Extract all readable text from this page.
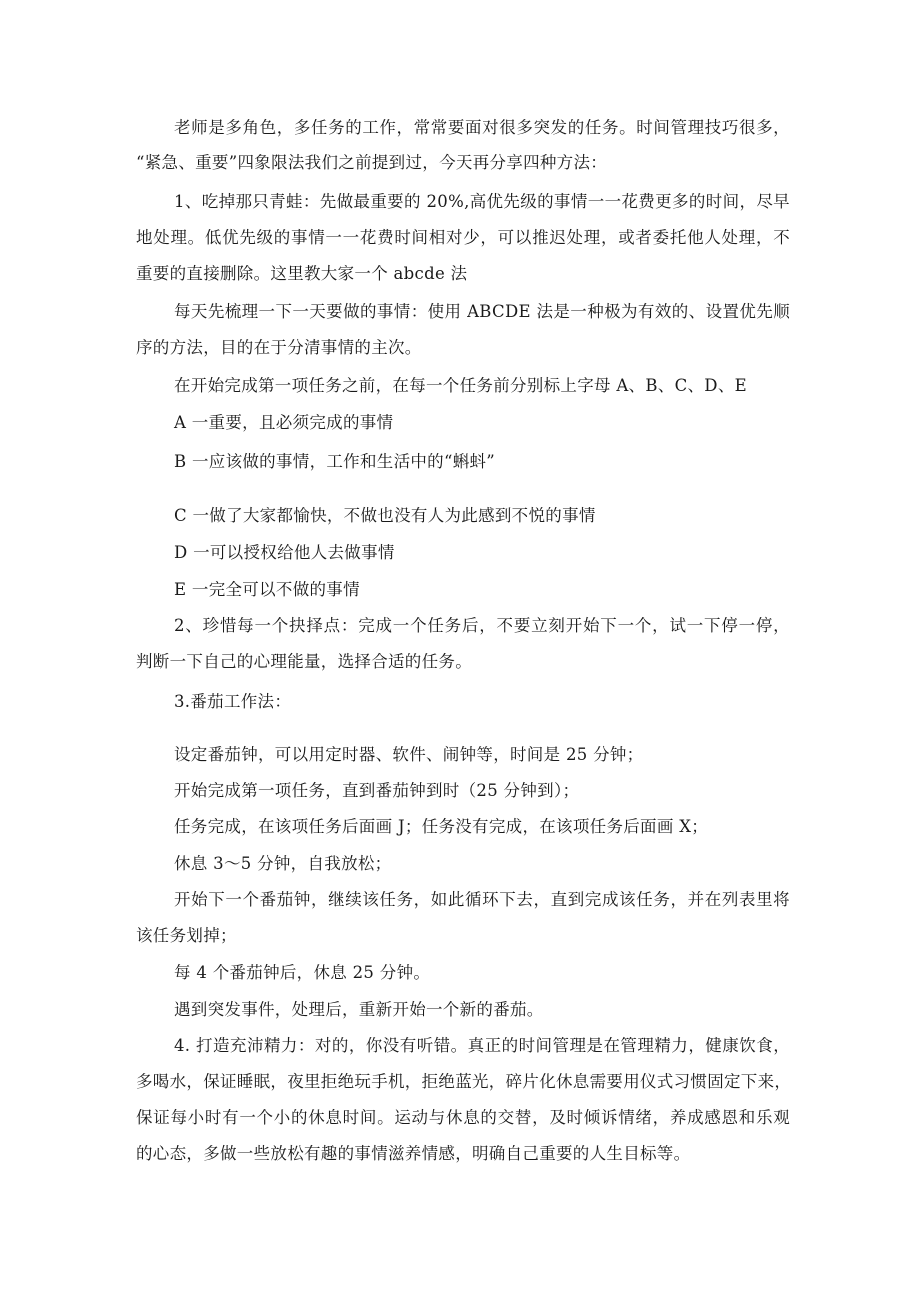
老师是多角色，多任务的工作，常常要面对很多突发的任务。时间管理技巧很多，

“紧急、重要”四象限法我们之前提到过，今天再分享四种方法：

1、吃掉那只青蛙：先做最重要的 20%,高优先级的事情一一花费更多的时间，尽早

地处理。低优先级的事情一一花费时间相对少，可以推迟处理，或者委托他人处理，不

重要的直接删除。这里教大家一个 abcde 法

每天先梳理一下一天要做的事情：使用 ABCDE 法是一种极为有效的、设置优先顺

序的方法，目的在于分清事情的主次。

在开始完成第一项任务之前，在每一个任务前分别标上字母 A、B、C、D、E

A 一重要，且必须完成的事情

B 一应该做的事情，工作和生活中的“蝌蚪”

C 一做了大家都愉快，不做也没有人为此感到不悦的事情

D 一可以授权给他人去做事情

E 一完全可以不做的事情

2、珍惜每一个抉择点：完成一个任务后，不要立刻开始下一个，试一下停一停，

判断一下自己的心理能量，选择合适的任务。

3.番茄工作法：

设定番茄钟，可以用定时器、软件、闹钟等，时间是 25 分钟；

开始完成第一项任务，直到番茄钟到时（25 分钟到）；

任务完成，在该项任务后面画 J；任务没有完成，在该项任务后面画 X；

休息 3～5 分钟，自我放松；

开始下一个番茄钟，继续该任务，如此循环下去，直到完成该任务，并在列表里将

该任务划掉；

每 4 个番茄钟后，休息 25 分钟。

遇到突发事件，处理后，重新开始一个新的番茄。

4. 打造充沛精力：对的，你没有听错。真正的时间管理是在管理精力，健康饮食，

多喝水，保证睡眠，夜里拒绝玩手机，拒绝蓝光，碎片化休息需要用仪式习惯固定下来，

保证每小时有一个小的休息时间。运动与休息的交替，及时倾诉情绪，养成感恩和乐观

的心态，多做一些放松有趣的事情滋养情感，明确自己重要的人生目标等。
